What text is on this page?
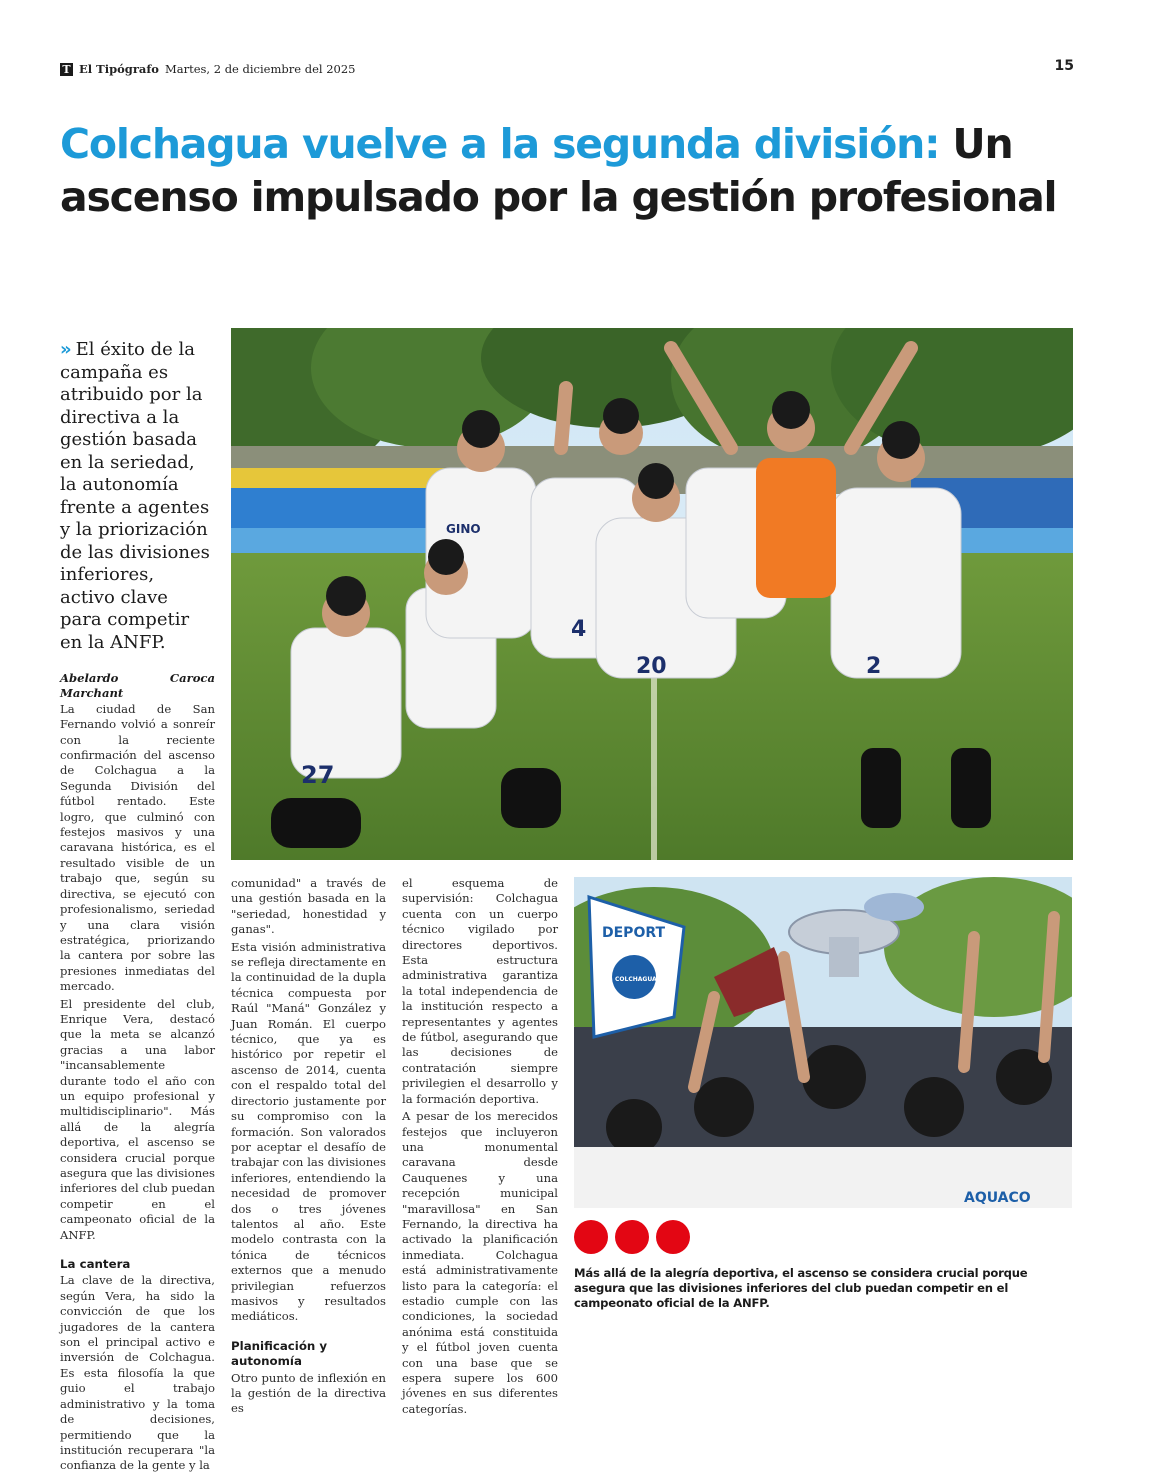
T El Tipógrafo Martes, 2 de diciembre del 2025	15
Colchagua vuelve a la segunda división: Un ascenso impulsado por la gestión profesional
» El éxito de la campaña es atribuido por la directiva a la gestión basada en la seriedad, la autonomía frente a agentes y la priorización de las divisiones inferiores, activo clave para competir en la ANFP.
GINO
27
4
20	2
Abelardo Caroca Marchant

La ciudad de San Fernando volvió a sonreír con la reciente confirmación del ascenso de Colchagua a la Segunda División del fútbol rentado. Este logro, que culminó con festejos masivos y una caravana histórica, es el resultado visible de un trabajo que, según su directiva, se ejecutó con profesionalismo, seriedad y una clara visión estratégica, priorizando la cantera por sobre las presiones inmediatas del mercado.

El presidente del club, Enrique Vera, destacó que la meta se alcanzó gracias a una labor "incansablemente durante todo el año con un equipo profesional y multidisciplinario". Más allá de la alegría deportiva, el ascenso se considera crucial porque asegura que las divisiones inferiores del club puedan competir en el campeonato oficial de la ANFP.

La cantera

La clave de la directiva, según Vera, ha sido la convicción de que los jugadores de la cantera son el principal activo e inversión de Colchagua. Es esta filosofía la que guio el trabajo administrativo y la toma de decisiones, permitiendo que la institución recuperara "la confianza de la gente y la

comunidad" a través de una gestión basada en la "seriedad, honestidad y ganas".

Esta visión administrativa se refleja directamente en la continuidad de la dupla técnica compuesta por Raúl "Maná" González y Juan Román. El cuerpo técnico, que ya es histórico por repetir el ascenso de 2014, cuenta con el respaldo total del directorio justamente por su compromiso con la formación. Son valorados por aceptar el desafío de trabajar con las divisiones inferiores, entendiendo la necesidad de promover dos o tres jóvenes talentos al año. Este modelo contrasta con la tónica de técnicos externos que a menudo privilegian refuerzos masivos y resultados mediáticos.

Planificación y autonomía

Otro punto de inflexión en la gestión de la directiva es

el esquema de supervisión: Colchagua cuenta con un cuerpo técnico vigilado por directores deportivos. Esta estructura administrativa garantiza la total independencia de la institución respecto a representantes y agentes de fútbol, asegurando que las decisiones de contratación siempre privilegien el desarrollo y la formación deportiva.

A pesar de los merecidos festejos que incluyeron una monumental caravana desde Cauquenes y una recepción municipal "maravillosa" en San Fernando, la directiva ha activado la planificación inmediata. Colchagua está administrativamente listo para la categoría: el estadio cumple con las condiciones, la sociedad anónima está constituida y el fútbol joven cuenta con una base que se espera supere los 600 jóvenes en sus diferentes categorías.

DEPORT
COLCHAGUA
AQUACO
Más allá de la alegría deportiva, el ascenso se considera crucial porque asegura que las divisiones inferiores del club puedan competir en el campeonato oficial de la ANFP.
